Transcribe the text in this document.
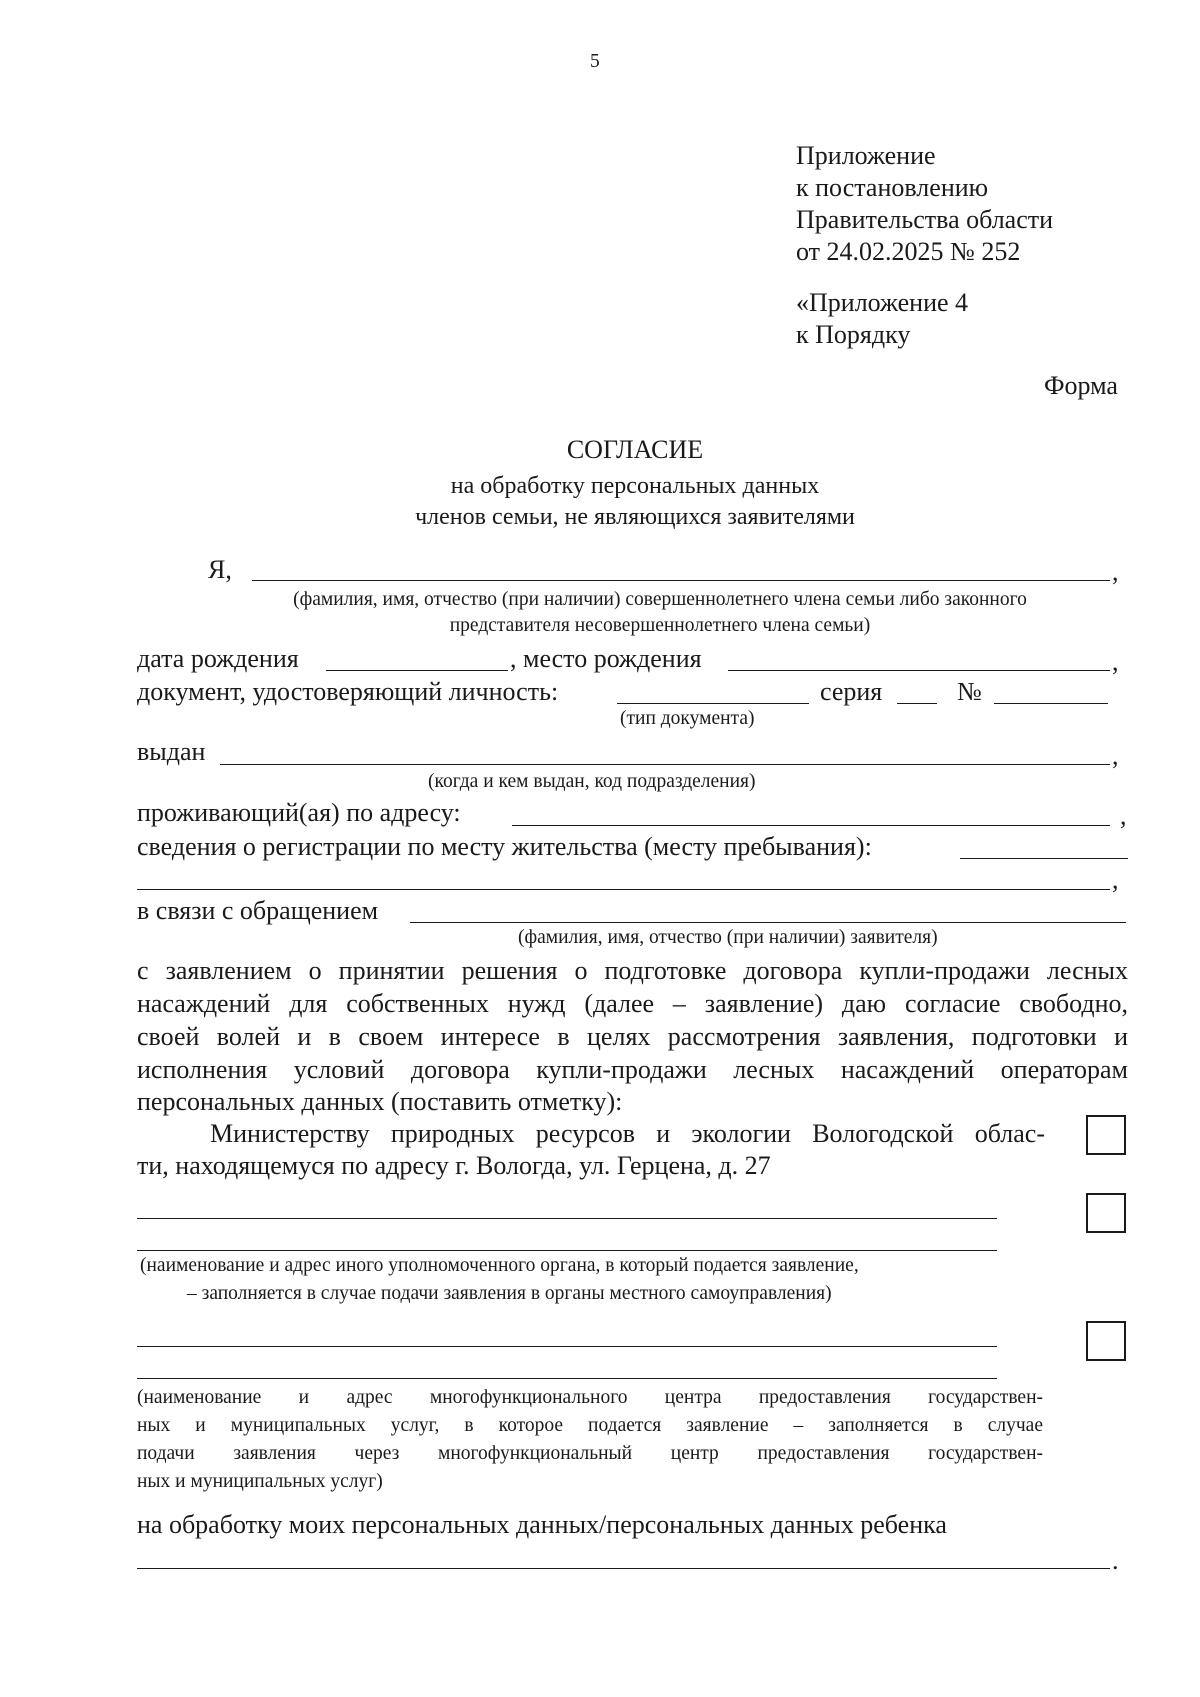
5
Приложение
к постановлению
Правительства области
от 24.02.2025 № 252
«Приложение 4
к Порядку
Форма
СОГЛАСИЕ
на обработку персональных данных
членов семьи, не являющихся заявителями
Я,	,
(фамилия, имя, отчество (при наличии) совершеннолетнего члена семьи либо законного
представителя несовершеннолетнего члена семьи)
дата рождения	, место рождения	,
документ, удостоверяющий личность:	серия	№
(тип документа)
выдан	,
(когда и кем выдан, код подразделения)
проживающий(ая) по адресу:	,
сведения о регистрации по месту жительства (месту пребывания):
,
в связи с обращением
(фамилия, имя, отчество (при наличии) заявителя)
с заявлением о принятии решения о подготовке договора купли-продажи лесных
насаждений для собственных нужд (далее – заявление) даю согласие свободно,
своей волей и в своем интересе в целях рассмотрения заявления, подготовки и
исполнения условий договора купли-продажи лесных насаждений операторам
персональных данных (поставить отметку):
Министерству природных ресурсов и экологии Вологодской облас-
ти, находящемуся по адресу г. Вологда, ул. Герцена, д. 27
(наименование и адрес иного уполномоченного органа, в который подается заявление,
– заполняется в случае подачи заявления в органы местного самоуправления)
(наименование и адрес многофункционального центра предоставления государствен-
ных и муниципальных услуг, в которое подается заявление – заполняется в случае
подачи заявления через многофункциональный центр предоставления государствен-
ных и муниципальных услуг)
на обработку моих персональных данных/персональных данных ребенка
.
